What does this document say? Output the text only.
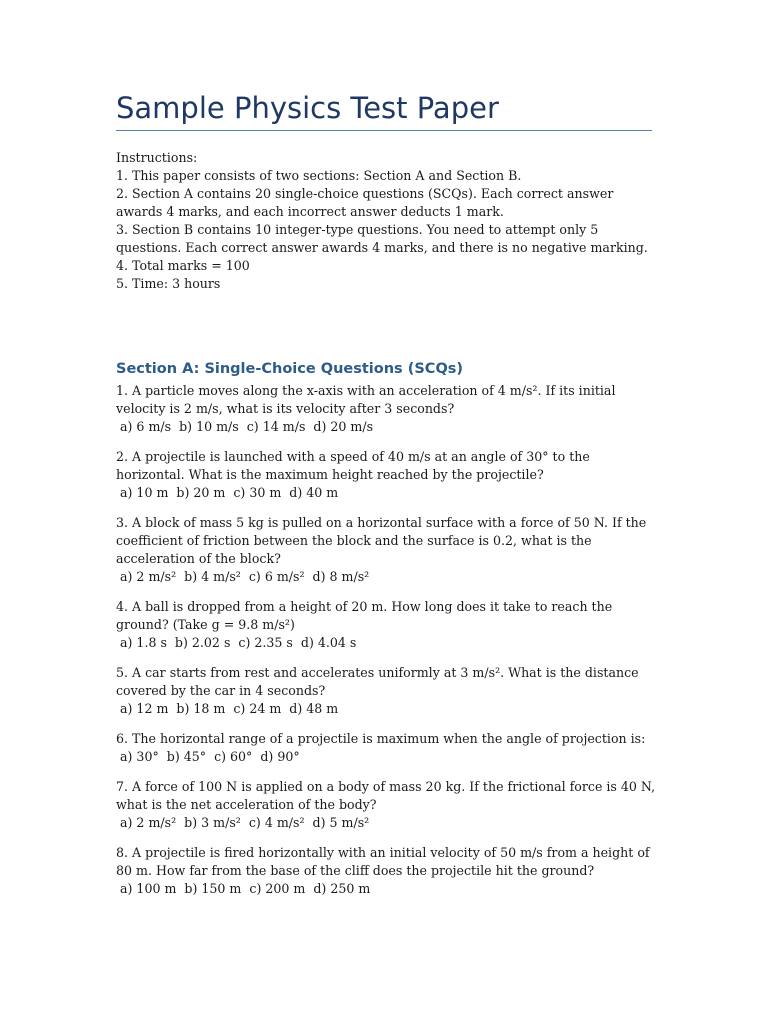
Sample Physics Test Paper
Instructions:
1. This paper consists of two sections: Section A and Section B.
2. Section A contains 20 single-choice questions (SCQs). Each correct answer awards 4 marks, and each incorrect answer deducts 1 mark.
3. Section B contains 10 integer-type questions. You need to attempt only 5 questions. Each correct answer awards 4 marks, and there is no negative marking.
4. Total marks = 100
5. Time: 3 hours
Section A: Single-Choice Questions (SCQs)
1. A particle moves along the x-axis with an acceleration of 4 m/s². If its initial velocity is 2 m/s, what is its velocity after 3 seconds?
a) 6 m/s  b) 10 m/s  c) 14 m/s  d) 20 m/s
2. A projectile is launched with a speed of 40 m/s at an angle of 30° to the horizontal. What is the maximum height reached by the projectile?
a) 10 m  b) 20 m  c) 30 m  d) 40 m
3. A block of mass 5 kg is pulled on a horizontal surface with a force of 50 N. If the coefficient of friction between the block and the surface is 0.2, what is the acceleration of the block?
a) 2 m/s²  b) 4 m/s²  c) 6 m/s²  d) 8 m/s²
4. A ball is dropped from a height of 20 m. How long does it take to reach the ground? (Take g = 9.8 m/s²)
a) 1.8 s  b) 2.02 s  c) 2.35 s  d) 4.04 s
5. A car starts from rest and accelerates uniformly at 3 m/s². What is the distance covered by the car in 4 seconds?
a) 12 m  b) 18 m  c) 24 m  d) 48 m
6. The horizontal range of a projectile is maximum when the angle of projection is:
a) 30°  b) 45°  c) 60°  d) 90°
7. A force of 100 N is applied on a body of mass 20 kg. If the frictional force is 40 N, what is the net acceleration of the body?
a) 2 m/s²  b) 3 m/s²  c) 4 m/s²  d) 5 m/s²
8. A projectile is fired horizontally with an initial velocity of 50 m/s from a height of 80 m. How far from the base of the cliff does the projectile hit the ground?
a) 100 m  b) 150 m  c) 200 m  d) 250 m
